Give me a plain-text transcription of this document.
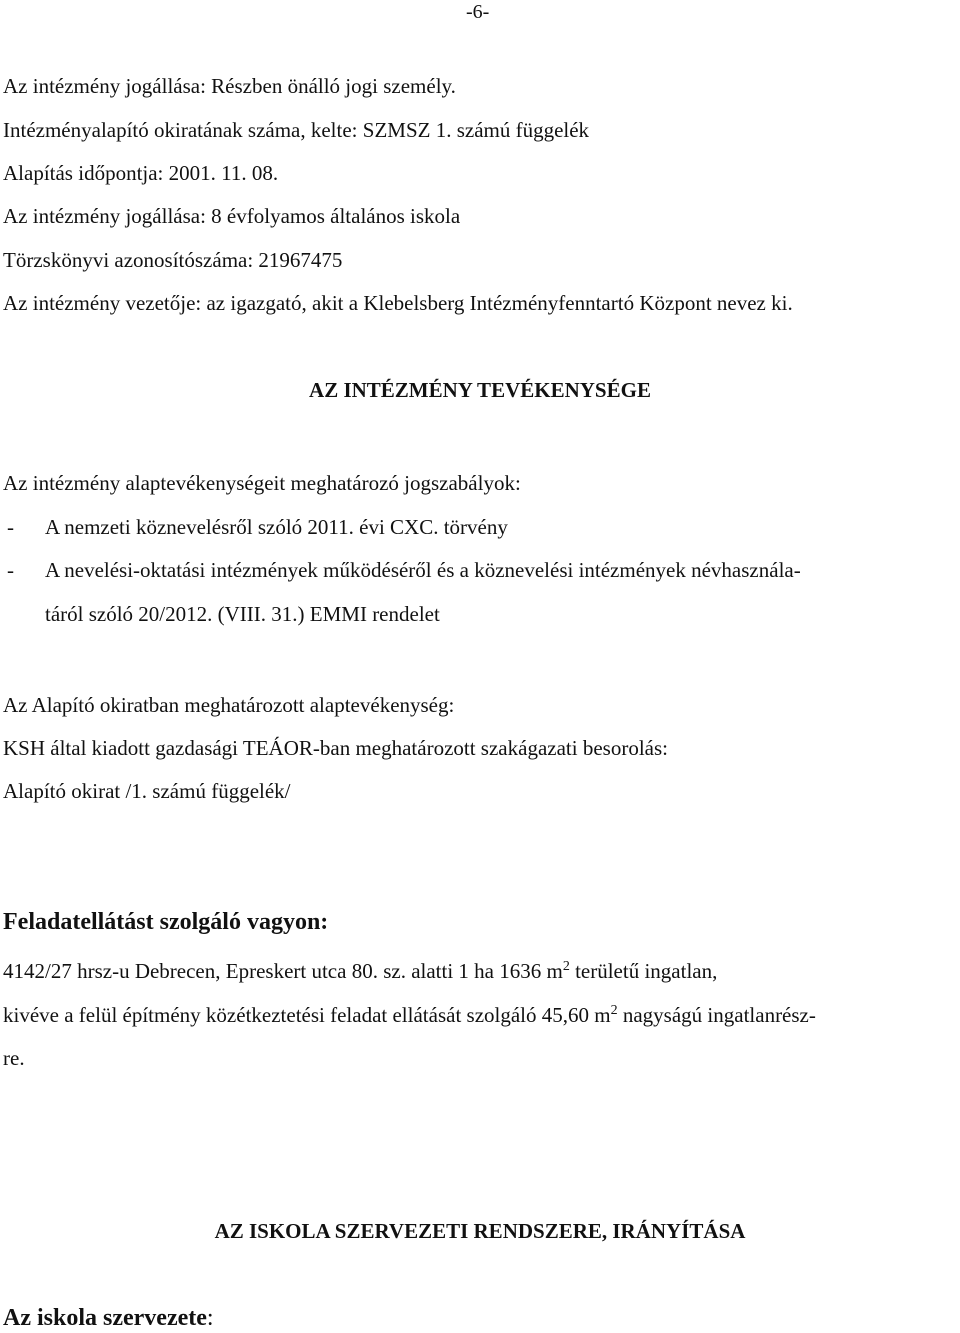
-6-
Az intézmény jogállása: Részben önálló jogi személy.
Intézményalapító okiratának száma, kelte: SZMSZ 1. számú függelék
Alapítás időpontja: 2001. 11. 08.
Az intézmény jogállása: 8 évfolyamos általános iskola
Törzskönyvi azonosítószáma: 21967475
Az intézmény vezetője: az igazgató, akit a Klebelsberg Intézményfenntartó Központ nevez ki.
AZ INTÉZMÉNY TEVÉKENYSÉGE
Az intézmény alaptevékenységeit meghatározó jogszabályok:
- A nemzeti köznevelésről szóló 2011. évi CXC. törvény
- A nevelési-oktatási intézmények működéséről és a köznevelési intézmények névhasznála-
táról szóló 20/2012. (VIII. 31.) EMMI rendelet
Az Alapító okiratban meghatározott alaptevékenység:
KSH által kiadott gazdasági TEÁOR-ban meghatározott szakágazati besorolás:
Alapító okirat /1. számú függelék/
Feladatellátást szolgáló vagyon:
4142/27 hrsz-u Debrecen, Epreskert utca 80. sz. alatti 1 ha 1636 $m^2$ területű ingatlan,
kivéve a felül építmény közétkeztetési feladat ellátását szolgáló 45,60 $m^2$ nagyságú ingatlanrész-
re.
AZ ISKOLA SZERVEZETI RENDSZERE, IRÁNYÍTÁSA
Az iskola szervezete:
